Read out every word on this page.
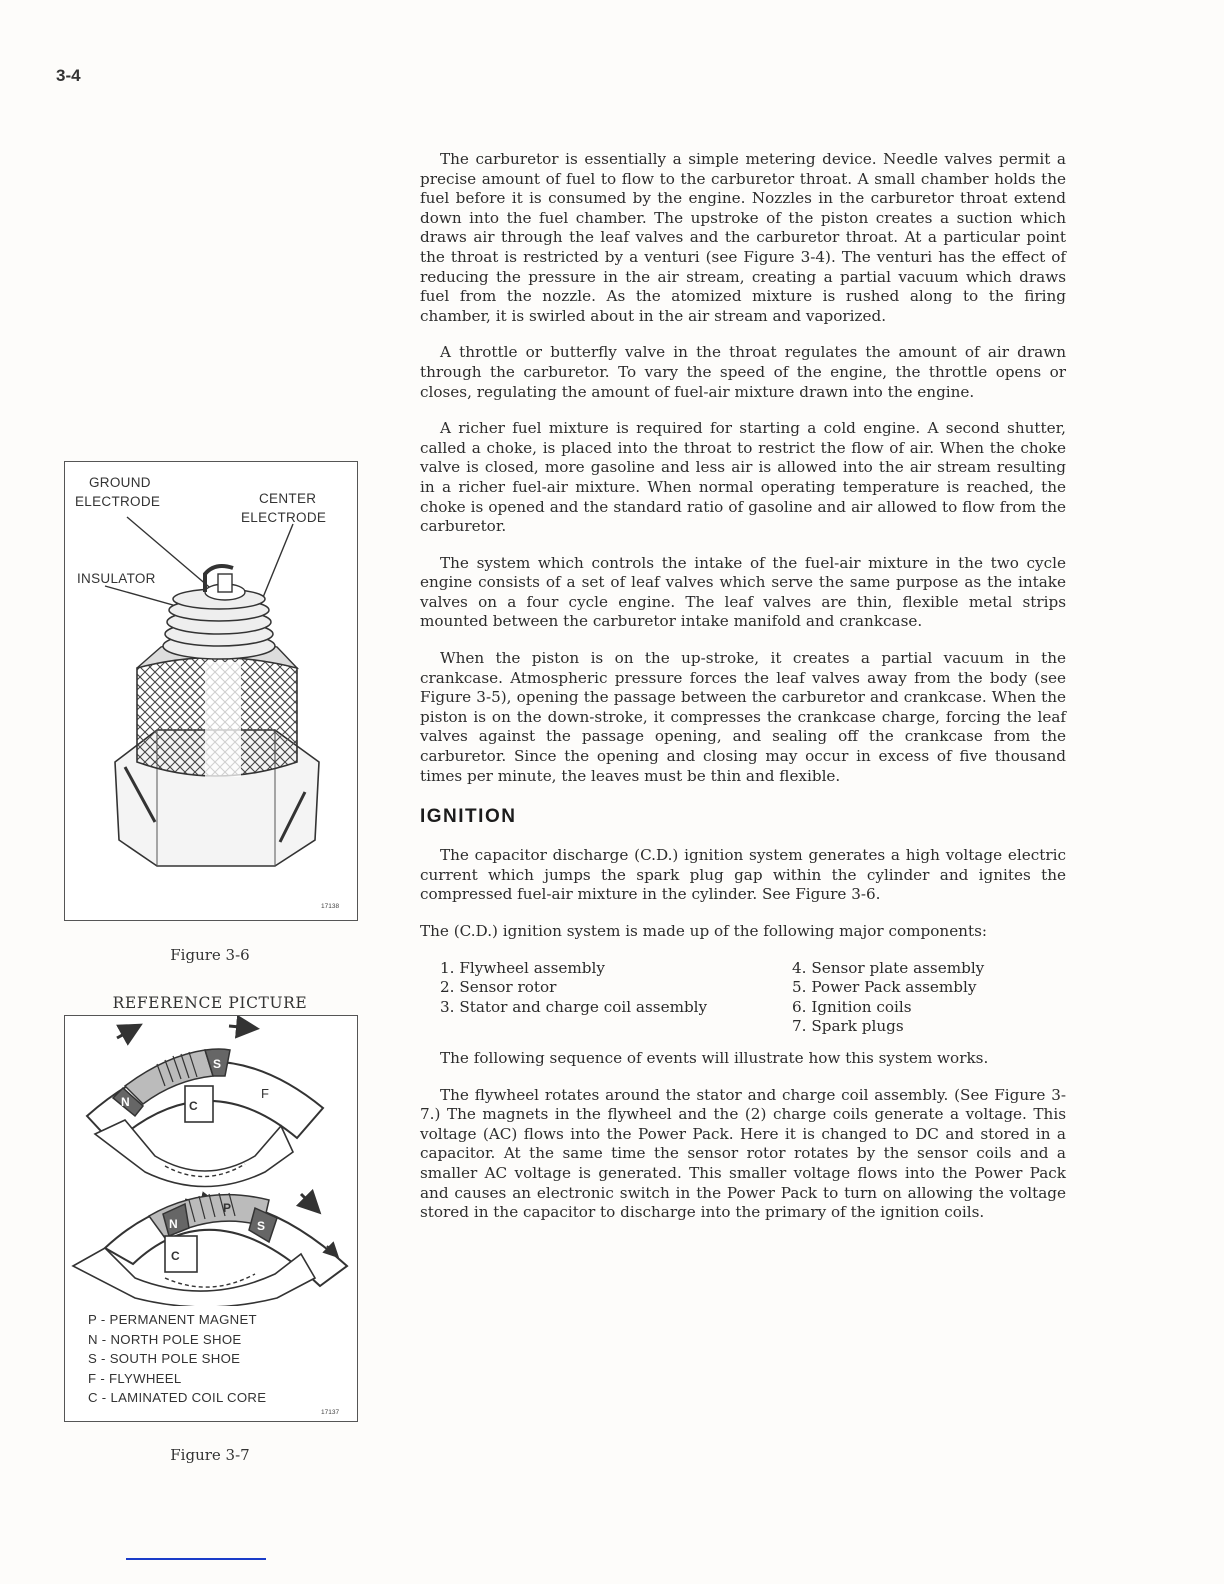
3-4

The carburetor is essentially a simple metering device. Needle valves permit a precise amount of fuel to flow to the carburetor throat. A small chamber holds the fuel before it is consumed by the engine. Nozzles in the carburetor throat extend down into the fuel chamber. The upstroke of the piston creates a suction which draws air through the leaf valves and the carburetor throat. At a particular point the throat is restricted by a venturi (see Figure 3-4). The venturi has the effect of reducing the pressure in the air stream, creating a partial vacuum which draws fuel from the nozzle. As the atomized mixture is rushed along to the firing chamber, it is swirled about in the air stream and vaporized.

A throttle or butterfly valve in the throat regulates the amount of air drawn through the carburetor. To vary the speed of the engine, the throttle opens or closes, regulating the amount of fuel-air mixture drawn into the engine.

A richer fuel mixture is required for starting a cold engine. A second shutter, called a choke, is placed into the throat to restrict the flow of air. When the choke valve is closed, more gasoline and less air is allowed into the air stream resulting in a richer fuel-air mixture. When normal operating temperature is reached, the choke is opened and the standard ratio of gasoline and air allowed to flow from the carburetor.

The system which controls the intake of the fuel-air mixture in the two cycle engine consists of a set of leaf valves which serve the same purpose as the intake valves on a four cycle engine. The leaf valves are thin, flexible metal strips mounted between the carburetor intake manifold and crankcase.

When the piston is on the up-stroke, it creates a partial vacuum in the crankcase. Atmospheric pressure forces the leaf valves away from the body (see Figure 3-5), opening the passage between the carburetor and crankcase. When the piston is on the down-stroke, it compresses the crankcase charge, forcing the leaf valves against the passage opening, and sealing off the crankcase from the carburetor. Since the opening and closing may occur in excess of five thousand times per minute, the leaves must be thin and flexible.

IGNITION

The capacitor discharge (C.D.) ignition system generates a high voltage electric current which jumps the spark plug gap within the cylinder and ignites the compressed fuel-air mixture in the cylinder. See Figure 3-6.

The (C.D.) ignition system is made up of the following major components:

1. Flywheel assembly
2. Sensor rotor
3. Stator and charge coil assembly
4. Sensor plate assembly
5. Power Pack assembly
6. Ignition coils
7. Spark plugs

The following sequence of events will illustrate how this system works.

The flywheel rotates around the stator and charge coil assembly. (See Figure 3-7.) The magnets in the flywheel and the (2) charge coils generate a voltage. This voltage (AC) flows into the Power Pack. Here it is changed to DC and stored in a capacitor. At the same time the sensor rotor rotates by the sensor coils and a smaller AC voltage is generated. This smaller voltage flows into the Power Pack and causes an electronic switch in the Power Pack to turn on allowing the voltage stored in the capacitor to discharge into the primary of the ignition coils.

GROUND
ELECTRODE	CENTER
ELECTRODE
INSULATOR
17138
Figure 3-6
REFERENCE PICTURE
S
N
F
C
N	S
P
C
17137
P - PERMANENT MAGNET
N - NORTH POLE SHOE
S - SOUTH POLE SHOE
F - FLYWHEEL
C - LAMINATED COIL CORE
Figure 3-7
